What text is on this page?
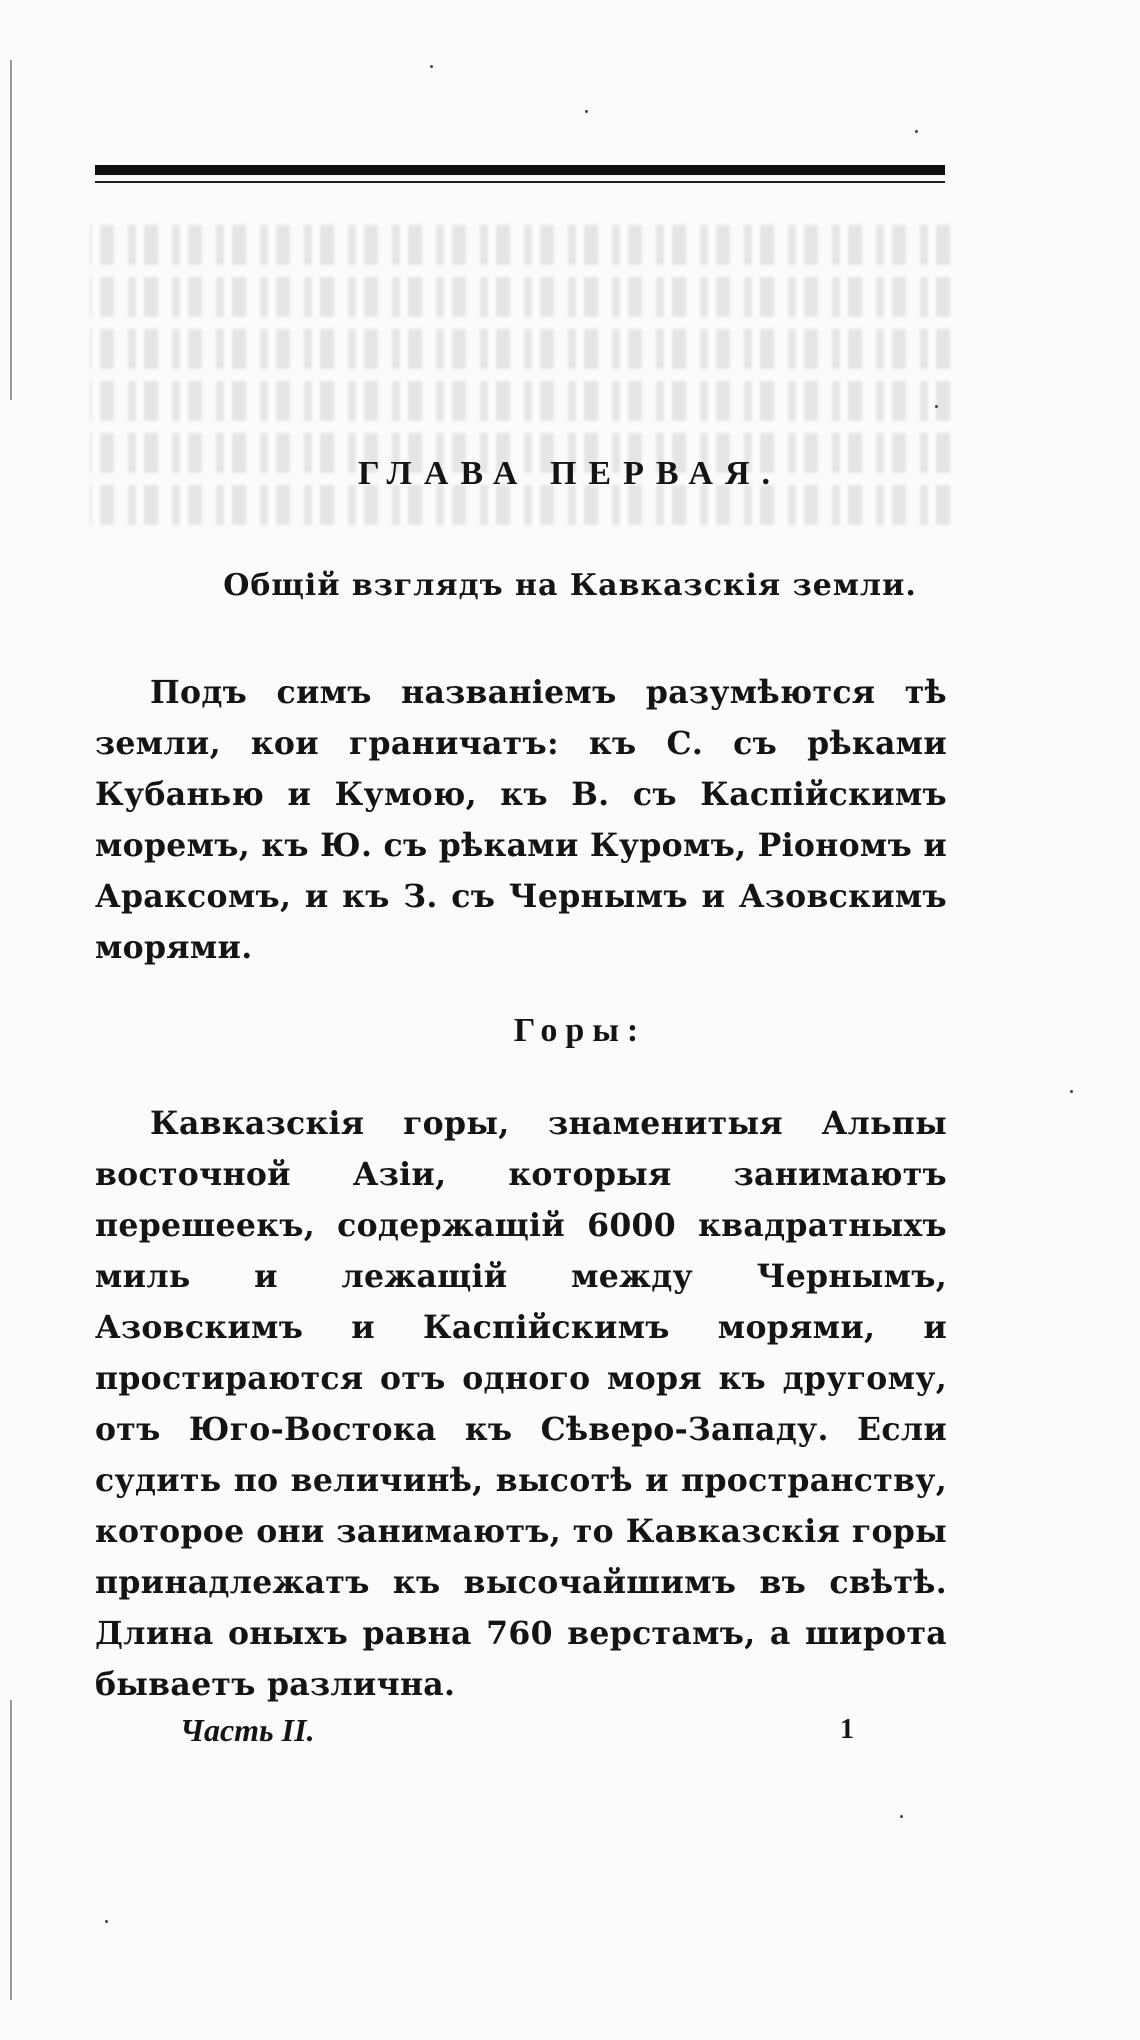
ГЛАВА ПЕРВАЯ.
Общій взглядъ на Кавказскія земли.

Подъ симъ названіемъ разумѣются тѣ земли, кои граничатъ: къ С. съ рѣками Кубанью и Кумою, къ В. съ Каспійскимъ моремъ, къ Ю. съ рѣками Куромъ, Ріономъ и Араксомъ, и къ З. съ Чернымъ и Азовскимъ морями.

Горы:

Кавказскія горы, знаменитыя Альпы восточной Азіи, которыя занимаютъ перешеекъ, содержащій 6000 квадратныхъ миль и лежащій между Чернымъ, Азовскимъ и Каспійскимъ морями, и простираются отъ одного моря къ другому, отъ Юго-Востока къ Сѣверо-Западу. Если судить по величинѣ, высотѣ и пространству, которое они занимаютъ, то Кавказскія горы принадлежатъ къ высочайшимъ въ свѣтѣ. Длина оныхъ равна 760 верстамъ, а широта бываетъ различна.

Часть II.	1
